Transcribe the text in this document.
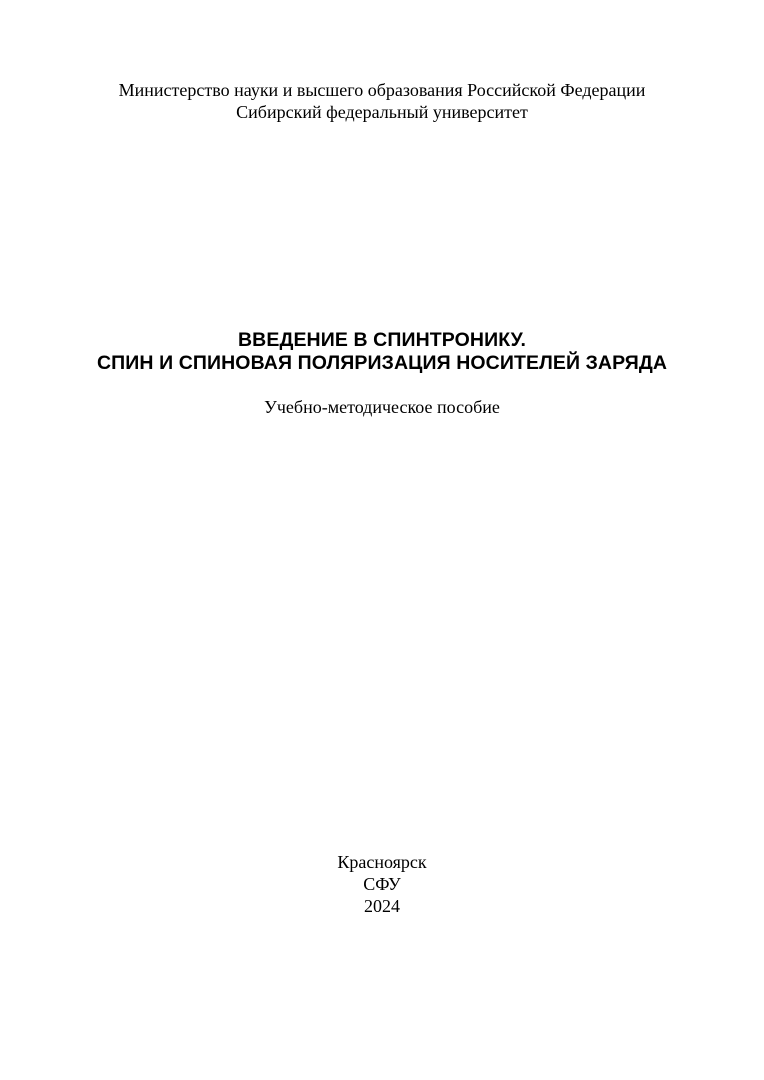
Министерство науки и высшего образования Российской Федерации
Сибирский федеральный университет
ВВЕДЕНИЕ В СПИНТРОНИКУ.
СПИН И СПИНОВАЯ ПОЛЯРИЗАЦИЯ НОСИТЕЛЕЙ ЗАРЯДА
Учебно-методическое пособие
Красноярск
СФУ
2024
